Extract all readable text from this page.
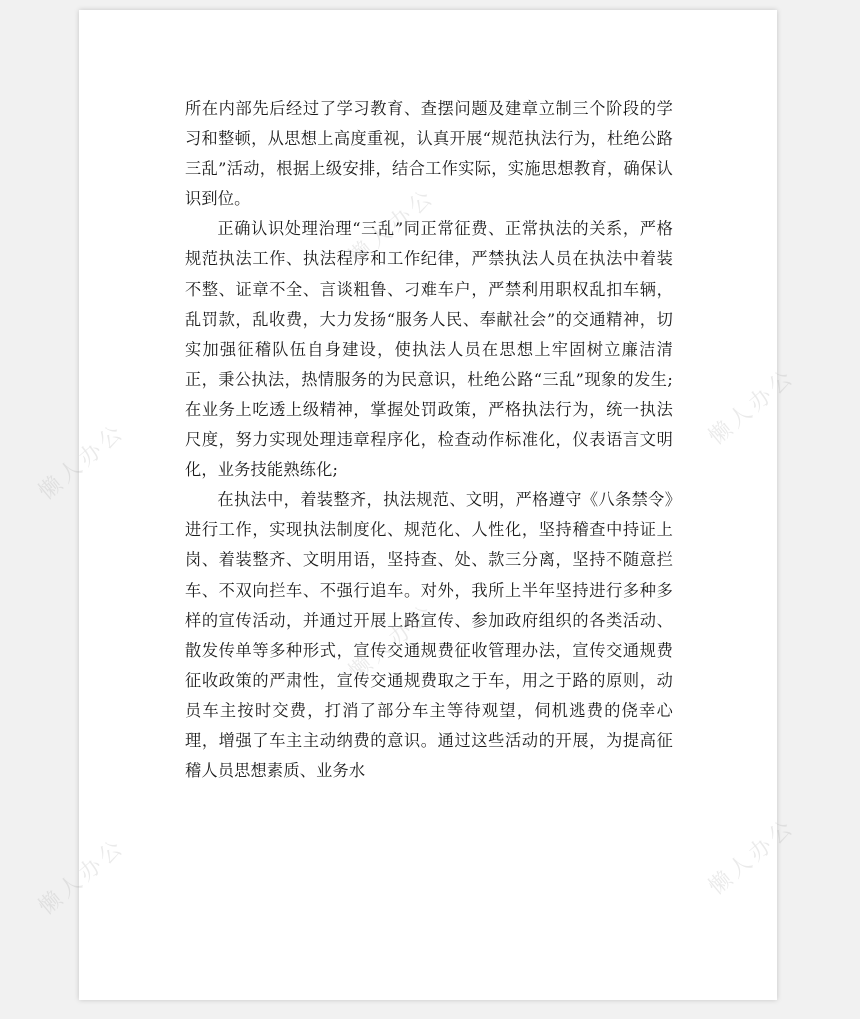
所在内部先后经过了学习教育、查摆问题及建章立制三个阶段的学习和整顿，从思想上高度重视，认真开展“规范执法行为，杜绝公路三乱”活动，根据上级安排，结合工作实际，实施思想教育，确保认识到位。

正确认识处理治理“三乱”同正常征费、正常执法的关系，严格规范执法工作、执法程序和工作纪律，严禁执法人员在执法中着装不整、证章不全、言谈粗鲁、刁难车户，严禁利用职权乱扣车辆，乱罚款，乱收费，大力发扬“服务人民、奉献社会”的交通精神，切实加强征稽队伍自身建设，使执法人员在思想上牢固树立廉洁清正，秉公执法，热情服务的为民意识，杜绝公路“三乱”现象的发生;在业务上吃透上级精神，掌握处罚政策，严格执法行为，统一执法尺度，努力实现处理违章程序化，检查动作标准化，仪表语言文明化，业务技能熟练化;

在执法中，着装整齐，执法规范、文明，严格遵守《八条禁令》进行工作，实现执法制度化、规范化、人性化，坚持稽查中持证上岗、着装整齐、文明用语，坚持查、处、款三分离，坚持不随意拦车、不双向拦车、不强行追车。对外，我所上半年坚持进行多种多样的宣传活动，并通过开展上路宣传、参加政府组织的各类活动、散发传单等多种形式，宣传交通规费征收管理办法，宣传交通规费征收政策的严肃性，宣传交通规费取之于车，用之于路的原则，动员车主按时交费，打消了部分车主等待观望，伺机逃费的侥幸心理，增强了车主主动纳费的意识。通过这些活动的开展，为提高征稽人员思想素质、业务水

懒人办公
懒人办公
懒人办公
懒人办公
懒人办公
懒人办公
